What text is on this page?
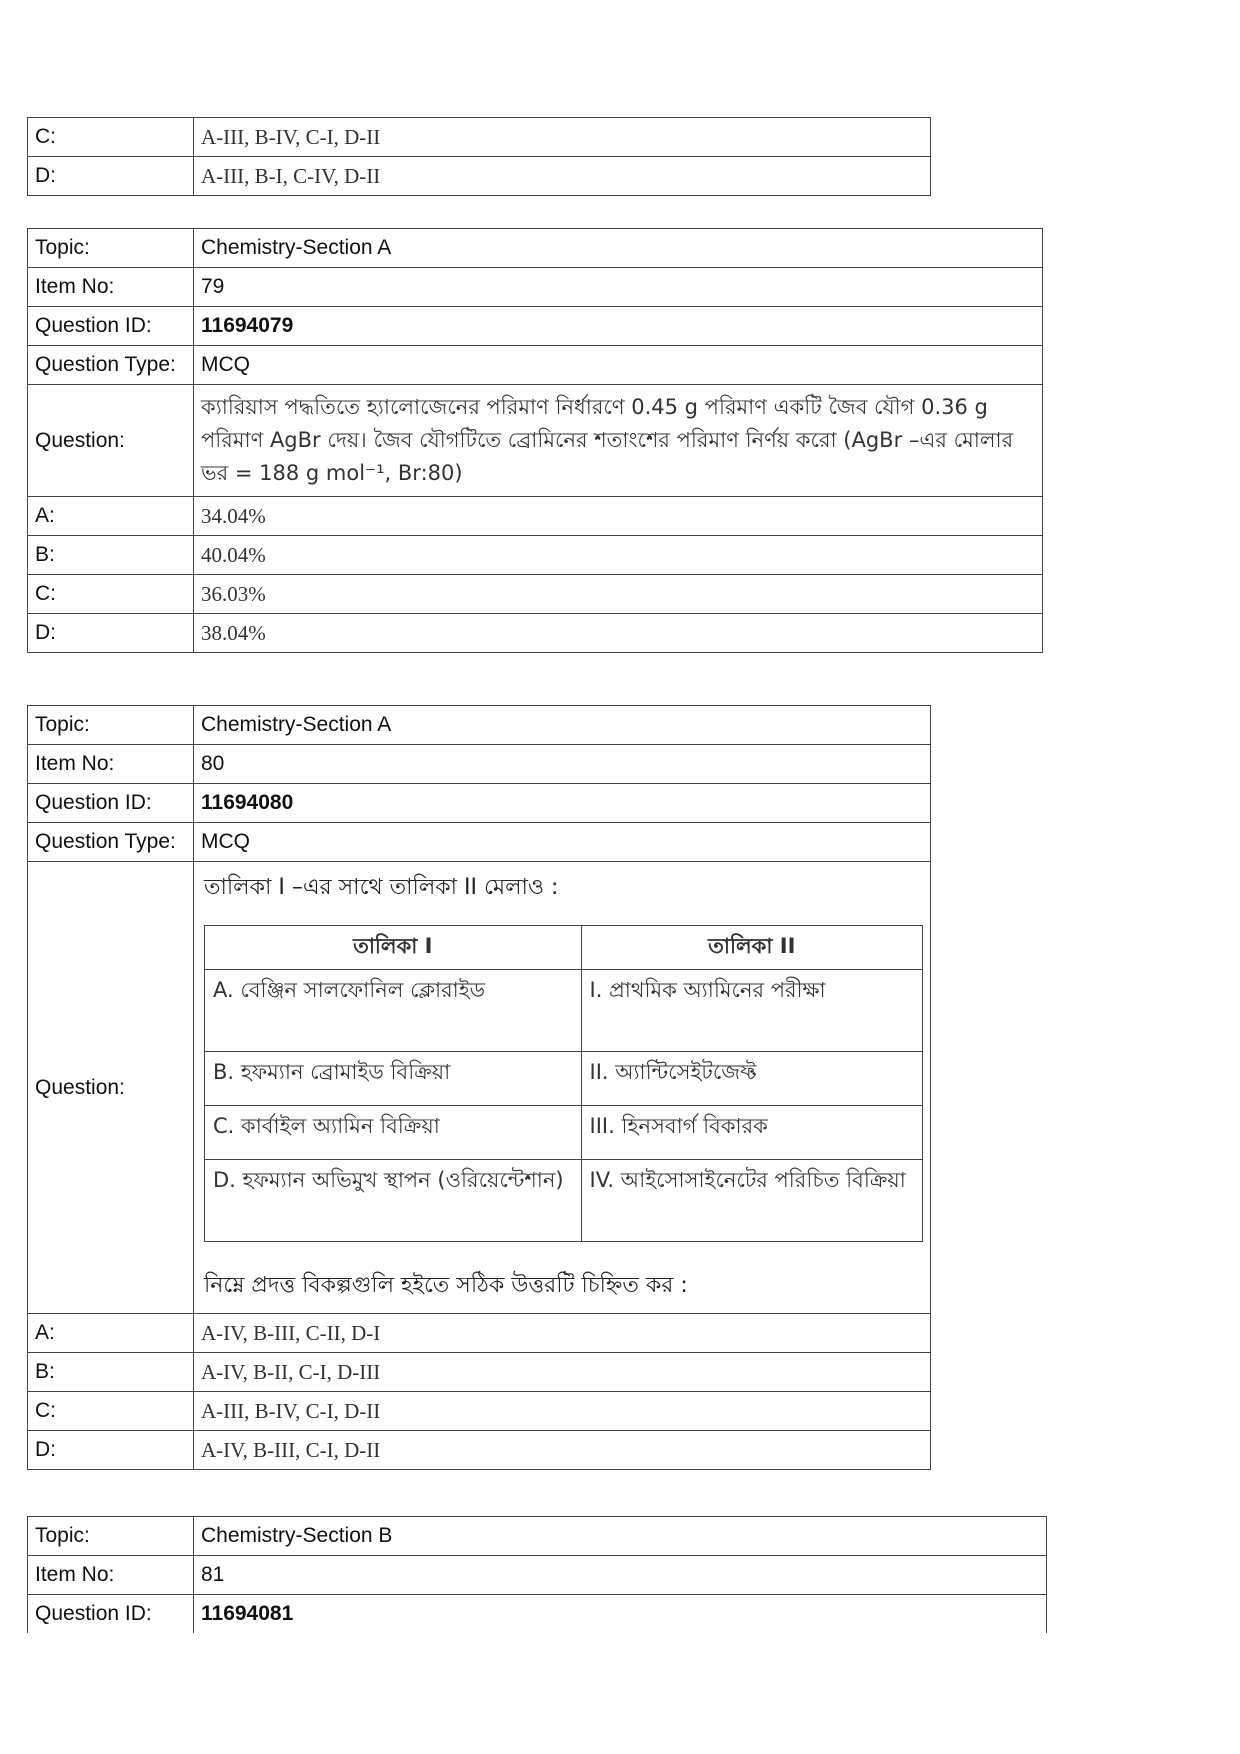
C:	A-III, B-IV, C-I, D-II
D:	A-III, B-I, C-IV, D-II
Topic:	Chemistry-Section A
Item No:	79
Question ID:	11694079
Question Type:	MCQ
Question:	ক্যারিয়াস পদ্ধতিতে হ্যালোজেনের পরিমাণ নির্ধারণে 0.45 g পরিমাণ একটি জৈব যৌগ 0.36 g পরিমাণ AgBr দেয়। জৈব যৌগটিতে ব্রোমিনের শতাংশের পরিমাণ নির্ণয় করো (AgBr –এর মোলার ভর = 188 g mol⁻¹, Br:80)
A:	34.04%
B:	40.04%
C:	36.03%
D:	38.04%
Topic:	Chemistry-Section A
Item No:	80
Question ID:	11694080
Question Type:	MCQ
Question:	
তালিকা I –এর সাথে তালিকা II মেলাও :
তালিকা I	তালিকা II
A. বেঞ্জিন সালফোনিল ক্লোরাইড	I. প্রাথমিক অ্যামিনের পরীক্ষা
B. হফম্যান ব্রোমাইড বিক্রিয়া	II. অ্যান্টিসেইটজেফ্ট
C. কার্বাইল অ্যামিন বিক্রিয়া	III. হিনসবার্গ বিকারক
D. হফম্যান অভিমুখ স্থাপন (ওরিয়েন্টেশান)	IV. আইসোসাইনেটের পরিচিত বিক্রিয়া
নিম্নে প্রদত্ত বিকল্পগুলি হইতে সঠিক উত্তরটি চিহ্নিত কর :

A:	A-IV, B-III, C-II, D-I
B:	A-IV, B-II, C-I, D-III
C:	A-III, B-IV, C-I, D-II
D:	A-IV, B-III, C-I, D-II
Topic:	Chemistry-Section B
Item No:	81
Question ID:	11694081
